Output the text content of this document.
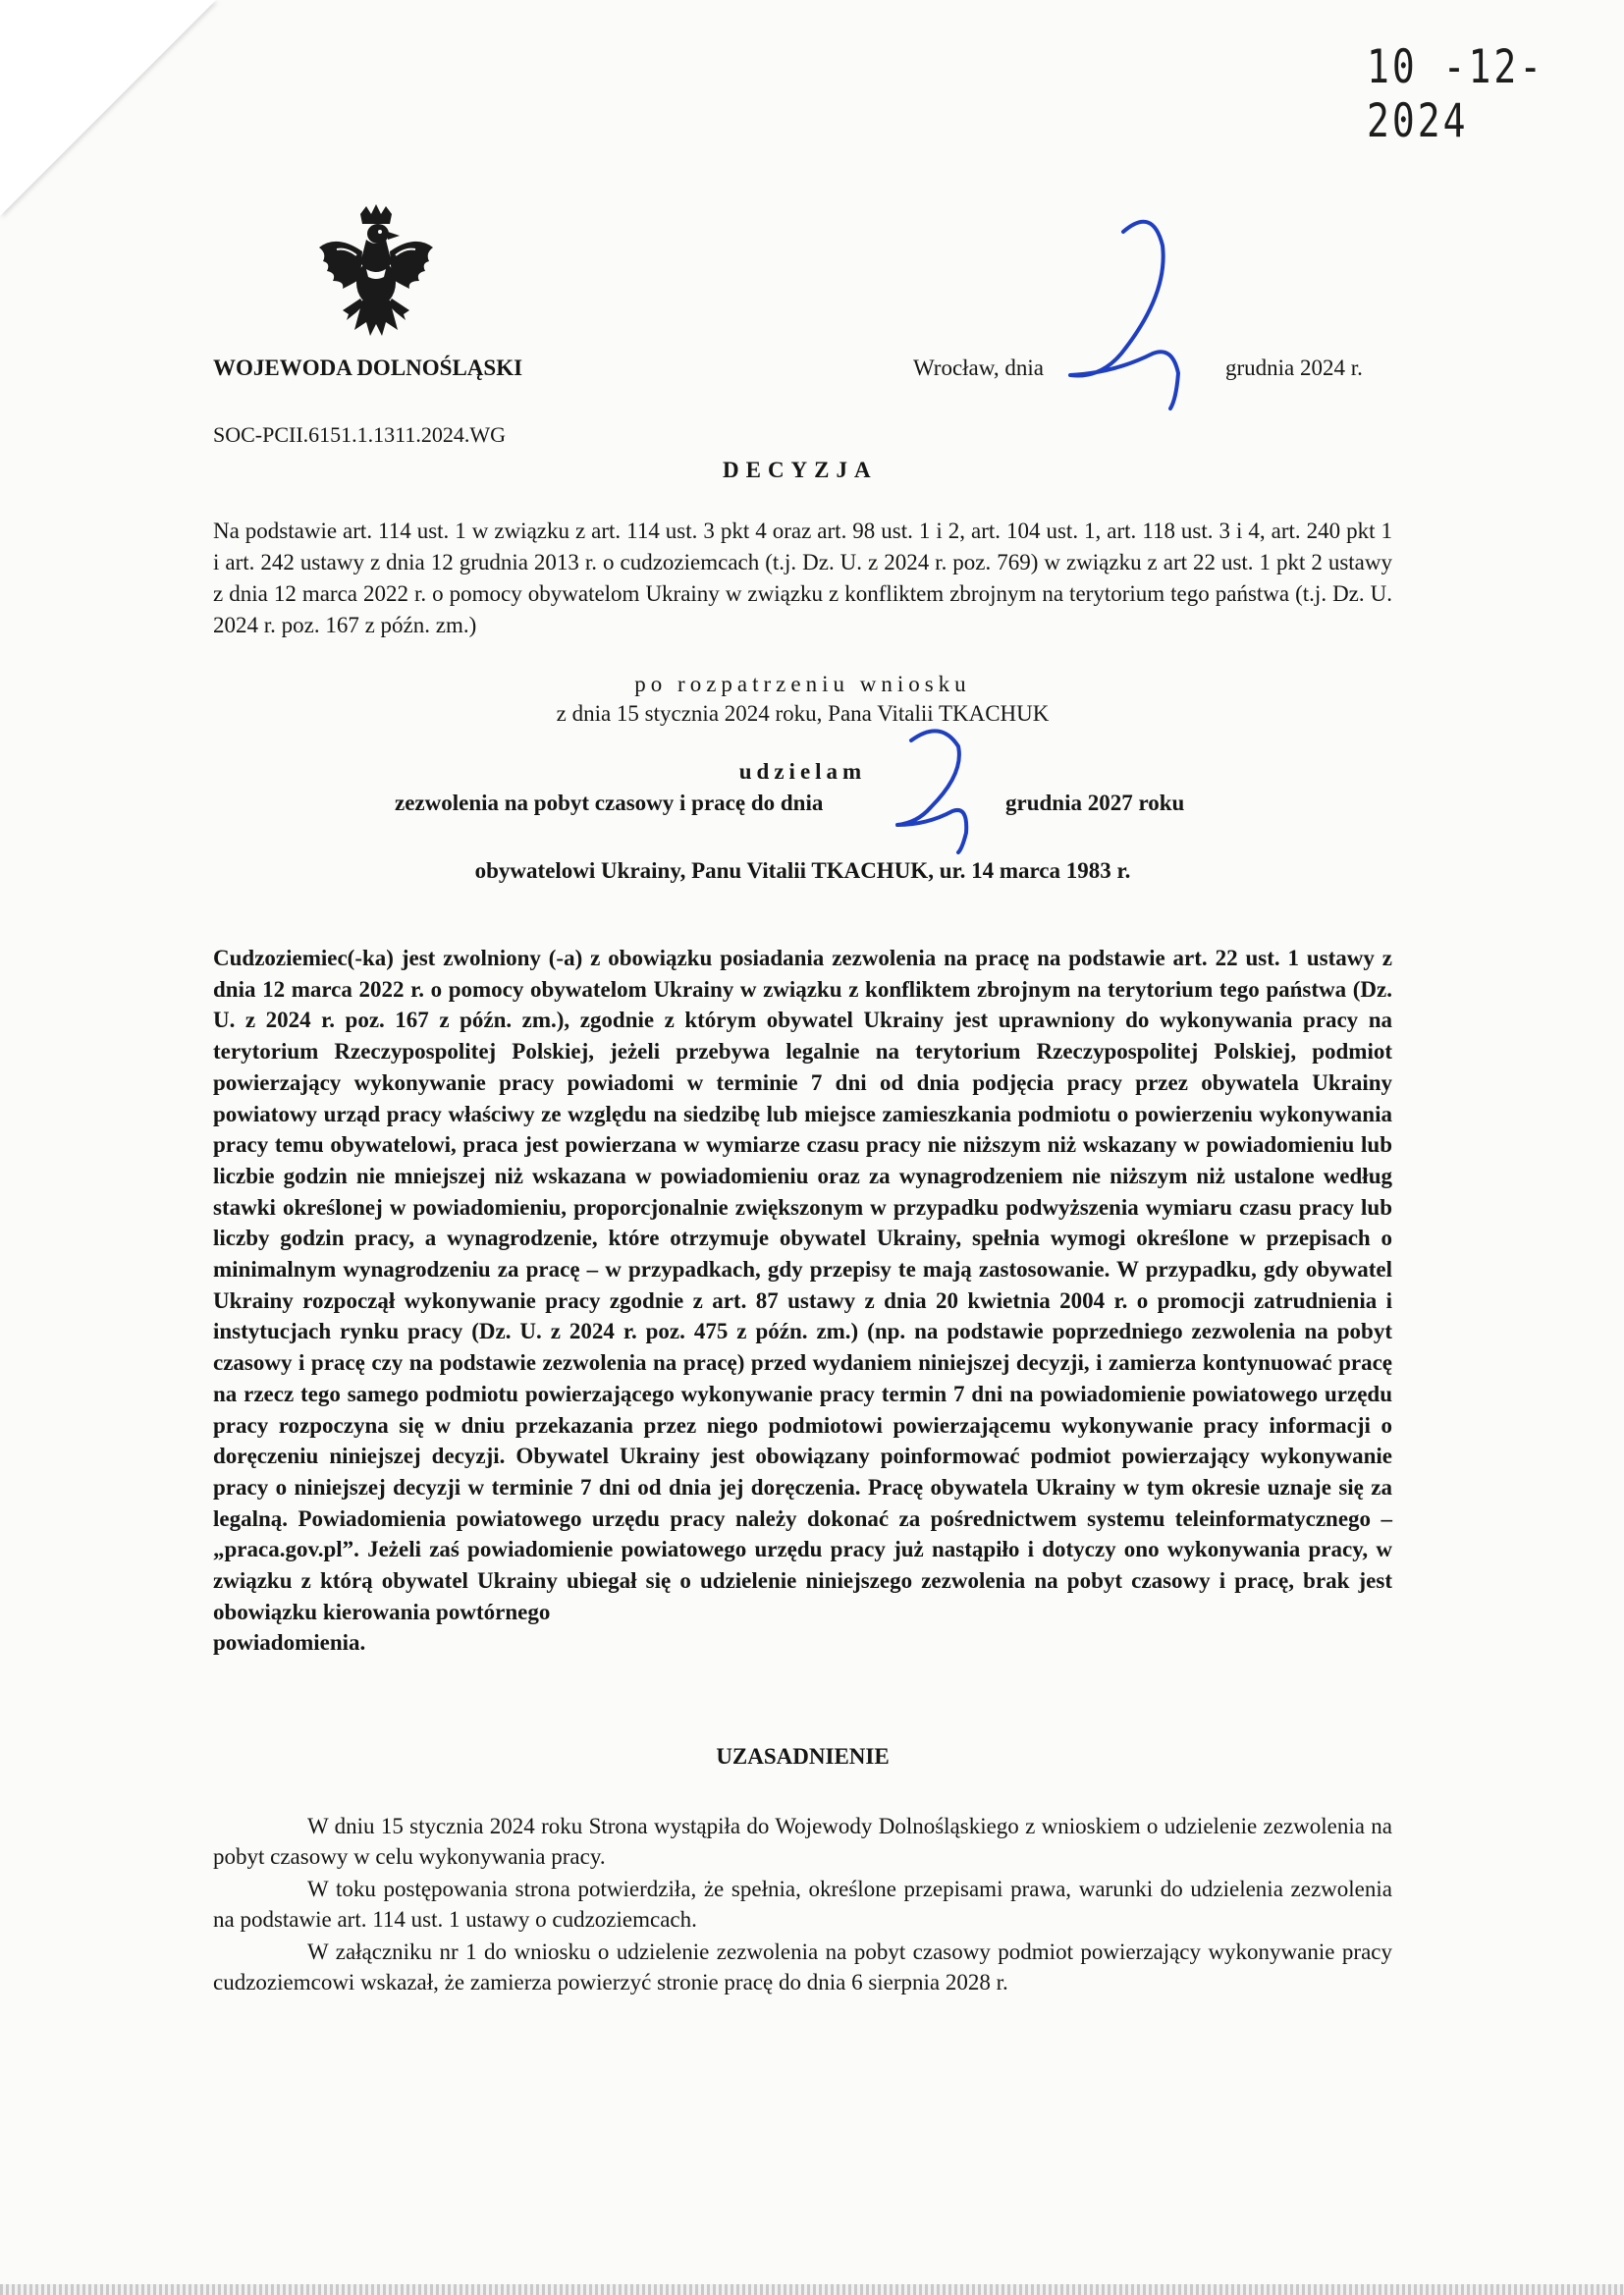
10 -12- 2024
WOJEWODA DOLNOŚLĄSKI	Wrocław, dnia	grudnia 2024 r.
SOC-PCII.6151.1.1311.2024.WG
DECYZJA
Na podstawie art. 114 ust. 1 w związku z art. 114 ust. 3 pkt 4 oraz art. 98 ust. 1 i 2, art. 104 ust. 1, art. 118 ust. 3 i 4, art. 240 pkt 1 i art. 242 ustawy z dnia 12 grudnia 2013 r. o cudzoziemcach (t.j. Dz. U. z 2024 r. poz. 769) w związku z art 22 ust. 1 pkt 2 ustawy z dnia 12 marca 2022 r. o pomocy obywatelom Ukrainy w związku z konfliktem zbrojnym na terytorium tego państwa (t.j. Dz. U. 2024 r. poz. 167 z późn. zm.)
po rozpatrzeniu wniosku
z dnia 15 stycznia 2024 roku, Pana Vitalii TKACHUK
udzielam
zezwolenia na pobyt czasowy i pracę do dnia	grudnia 2027 roku
obywatelowi Ukrainy, Panu Vitalii TKACHUK, ur. 14 marca 1983 r.
Cudzoziemiec(-ka) jest zwolniony (-a) z obowiązku posiadania zezwolenia na pracę na podstawie art. 22 ust. 1 ustawy z dnia 12 marca 2022 r. o pomocy obywatelom Ukrainy w związku z konfliktem zbrojnym na terytorium tego państwa (Dz. U. z 2024 r. poz. 167 z późn. zm.), zgodnie z którym obywatel Ukrainy jest uprawniony do wykonywania pracy na terytorium Rzeczypospolitej Polskiej, jeżeli przebywa legalnie na terytorium Rzeczypospolitej Polskiej, podmiot powierzający wykonywanie pracy powiadomi w terminie 7 dni od dnia podjęcia pracy przez obywatela Ukrainy powiatowy urząd pracy właściwy ze względu na siedzibę lub miejsce zamieszkania podmiotu o powierzeniu wykonywania pracy temu obywatelowi, praca jest powierzana w wymiarze czasu pracy nie niższym niż wskazany w powiadomieniu lub liczbie godzin nie mniejszej niż wskazana w powiadomieniu oraz za wynagrodzeniem nie niższym niż ustalone według stawki określonej w powiadomieniu, proporcjonalnie zwiększonym w przypadku podwyższenia wymiaru czasu pracy lub liczby godzin pracy, a wynagrodzenie, które otrzymuje obywatel Ukrainy, spełnia wymogi określone w przepisach o minimalnym wynagrodzeniu za pracę – w przypadkach, gdy przepisy te mają zastosowanie. W przypadku, gdy obywatel Ukrainy rozpoczął wykonywanie pracy zgodnie z art. 87 ustawy z dnia 20 kwietnia 2004 r. o promocji zatrudnienia i instytucjach rynku pracy (Dz. U. z 2024 r. poz. 475 z późn. zm.) (np. na podstawie poprzedniego zezwolenia na pobyt czasowy i pracę czy na podstawie zezwolenia na pracę) przed wydaniem niniejszej decyzji, i zamierza kontynuować pracę na rzecz tego samego podmiotu powierzającego wykonywanie pracy termin 7 dni na powiadomienie powiatowego urzędu pracy rozpoczyna się w dniu przekazania przez niego podmiotowi powierzającemu wykonywanie pracy informacji o doręczeniu niniejszej decyzji. Obywatel Ukrainy jest obowiązany poinformować podmiot powierzający wykonywanie pracy o niniejszej decyzji w terminie 7 dni od dnia jej doręczenia. Pracę obywatela Ukrainy w tym okresie uznaje się za legalną. Powiadomienia powiatowego urzędu pracy należy dokonać za pośrednictwem systemu teleinformatycznego – „praca.gov.pl”. Jeżeli zaś powiadomienie powiatowego urzędu pracy już nastąpiło i dotyczy ono wykonywania pracy, w związku z którą obywatel Ukrainy ubiegał się o udzielenie niniejszego zezwolenia na pobyt czasowy i pracę, brak jest obowiązku kierowania powtórnego
powiadomienia.
UZASADNIENIE
W dniu 15 stycznia 2024 roku Strona wystąpiła do Wojewody Dolnośląskiego z wnioskiem o udzielenie zezwolenia na pobyt czasowy w celu wykonywania pracy.
W toku postępowania strona potwierdziła, że spełnia, określone przepisami prawa, warunki do udzielenia zezwolenia na podstawie art. 114 ust. 1 ustawy o cudzoziemcach.
W załączniku nr 1 do wniosku o udzielenie zezwolenia na pobyt czasowy podmiot powierzający wykonywanie pracy cudzoziemcowi wskazał, że zamierza powierzyć stronie pracę do dnia 6 sierpnia 2028 r.
